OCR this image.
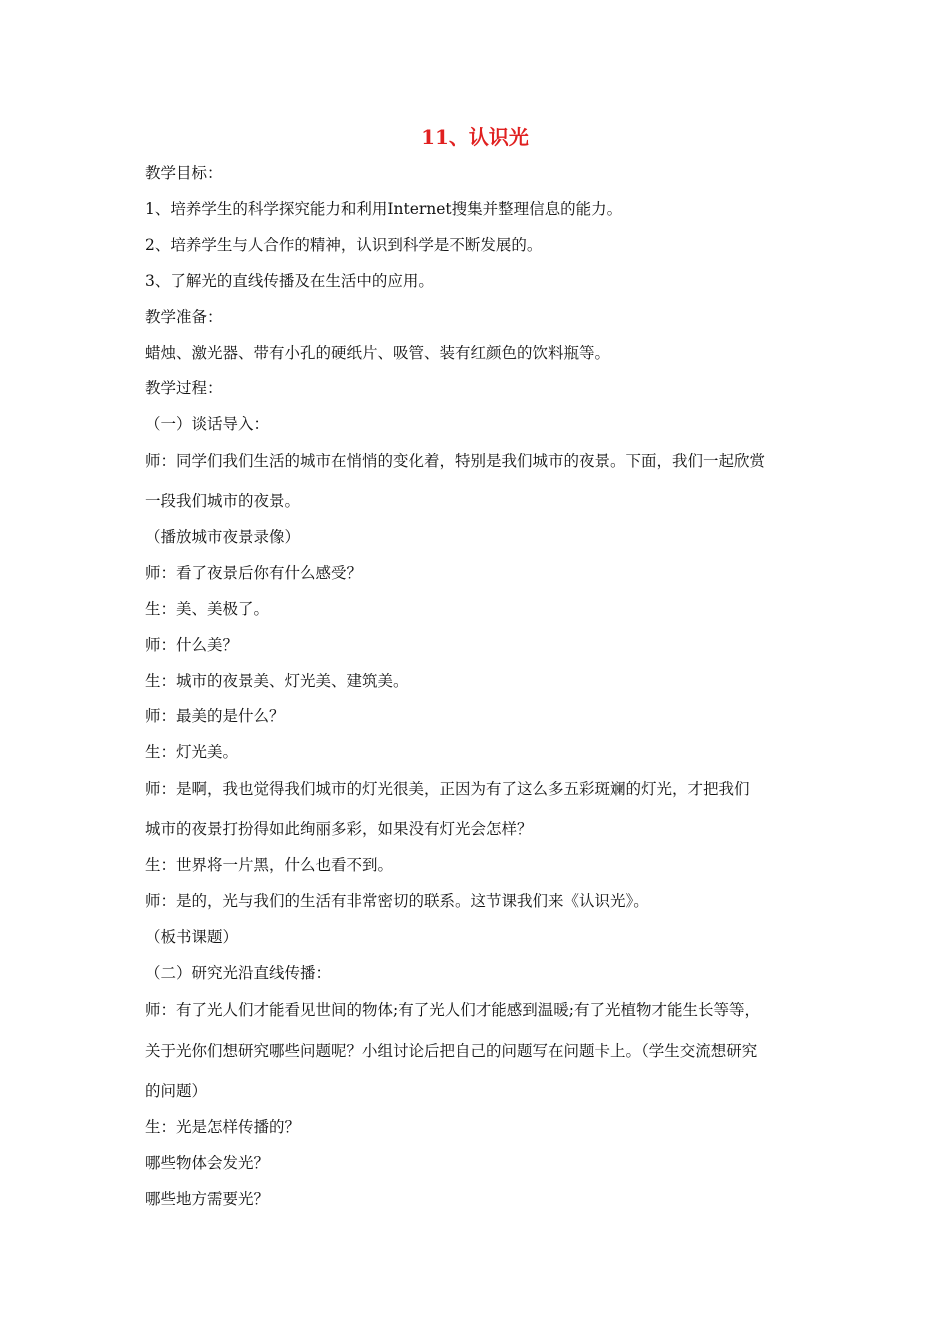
11、认识光

教学目标：

1、培养学生的科学探究能力和利用Internet搜集并整理信息的能力。

2、培养学生与人合作的精神，认识到科学是不断发展的。

3、了解光的直线传播及在生活中的应用。

教学准备：

蜡烛、激光器、带有小孔的硬纸片、吸管、装有红颜色的饮料瓶等。

教学过程：

（一）谈话导入：

师：同学们我们生活的城市在悄悄的变化着，特别是我们城市的夜景。下面，我们一起欣赏

一段我们城市的夜景。

（播放城市夜景录像）

师：看了夜景后你有什么感受？

生：美、美极了。

师：什么美？

生：城市的夜景美、灯光美、建筑美。

师：最美的是什么？

生：灯光美。

师：是啊，我也觉得我们城市的灯光很美，正因为有了这么多五彩斑斓的灯光，才把我们

城市的夜景打扮得如此绚丽多彩，如果没有灯光会怎样？

生：世界将一片黑，什么也看不到。

师：是的，光与我们的生活有非常密切的联系。这节课我们来《认识光》。

（板书课题）

（二）研究光沿直线传播：

师：有了光人们才能看见世间的物体;有了光人们才能感到温暖;有了光植物才能生长等等，

关于光你们想研究哪些问题呢？小组讨论后把自己的问题写在问题卡上。（学生交流想研究

的问题）

生：光是怎样传播的？

哪些物体会发光？

哪些地方需要光？
